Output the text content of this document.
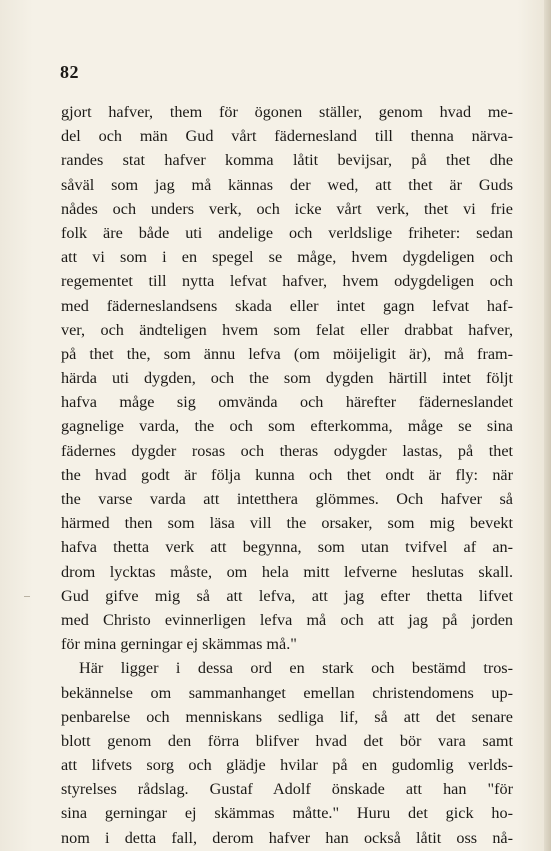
82
gjort hafver, them för ögonen ställer, genom hvad me-
del och män Gud vårt fädernesland till thenna närva-
randes stat hafver komma låtit bevijsar, på thet dhe
såväl som jag må kännas der wed, att thet är Guds
nådes och unders verk, och icke vårt verk, thet vi frie
folk äre både uti andelige och verldslige friheter: sedan
att vi som i en spegel se måge, hvem dygdeligen och
regementet till nytta lefvat hafver, hvem odygdeligen och
med fäderneslandsens skada eller intet gagn lefvat haf-
ver, och ändteligen hvem som felat eller drabbat hafver,
på thet the, som ännu lefva (om möijeligit är), må fram-
härda uti dygden, och the som dygden härtill intet följt
hafva måge sig omvända och härefter fäderneslandet
gagnelige varda, the och som efterkomma, måge se sina
fädernes dygder rosas och theras odygder lastas, på thet
the hvad godt är följa kunna och thet ondt är fly: när
the varse varda att intetthera glömmes. Och hafver så
härmed then som läsa vill the orsaker, som mig bevekt
hafva thetta verk att begynna, som utan tvifvel af an-
drom lycktas måste, om hela mitt lefverne heslutas skall.
Gud gifve mig så att lefva, att jag efter thetta lifvet
med Christo evinnerligen lefva må och att jag på jorden
för mina gerningar ej skämmas må."
Här ligger i dessa ord en stark och bestämd tros-
bekännelse om sammanhanget emellan christendomens up-
penbarelse och menniskans sedliga lif, så att det senare
blott genom den förra blifver hvad det bör vara samt
att lifvets sorg och glädje hvilar på en gudomlig verlds-
styrelses rådslag. Gustaf Adolf önskade att han "för
sina gerningar ej skämmas måtte." Huru det gick ho-
nom i detta fall, derom hafver han också låtit oss nå-
